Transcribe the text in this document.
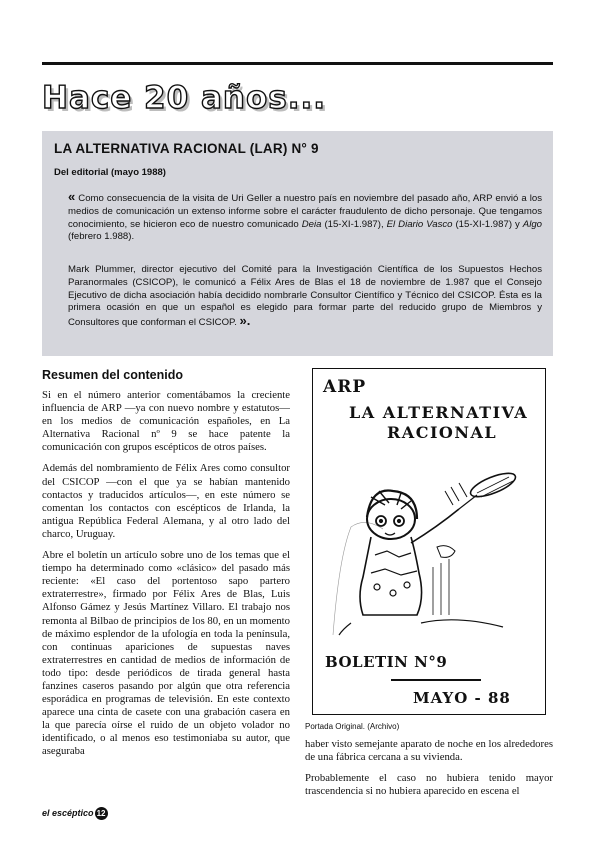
Hace 20 años...
LA ALTERNATIVA RACIONAL (LAR) N° 9
Del editorial (mayo 1988)
« Como consecuencia de la visita de Uri Geller a nuestro país en noviembre del pasado año, ARP envió a los medios de comunicación un extenso informe sobre el carácter fraudulento de dicho personaje. Que tengamos conocimiento, se hicieron eco de nuestro comunicado Deia (15-XI-1.987), El Diario Vasco (15-XI-1.987) y Algo (febrero 1.988).
Mark Plummer, director ejecutivo del Comité para la Investigación Científica de los Supuestos Hechos Paranormales (CSICOP), le comunicó a Félix Ares de Blas el 18 de noviembre de 1.987 que el Consejo Ejecutivo de dicha asociación había decidido nombrarle Consultor Científico y Técnico del CSICOP. Ésta es la primera ocasión en que un español es elegido para formar parte del reducido grupo de Miembros y Consultores que conforman el CSICOP. ».
Resumen del contenido

Si en el número anterior comentábamos la creciente influencia de ARP —ya con nuevo nombre y estatutos— en los medios de comunicación españoles, en La Alternativa Racional nº 9 se hace patente la comunicación con grupos escépticos de otros países.

Además del nombramiento de Félix Ares como consultor del CSICOP —con el que ya se habían mantenido contactos y traducidos artículos—, en este número se comentan los contactos con escépticos de Irlanda, la antigua República Federal Alemana, y al otro lado del charco, Uruguay.

Abre el boletín un artículo sobre uno de los temas que el tiempo ha determinado como «clásico» del pasado más reciente: «El caso del portentoso sapo partero extraterrestre», firmado por Félix Ares de Blas, Luis Alfonso Gámez y Jesús Martínez Villaro. El trabajo nos remonta al Bilbao de principios de los 80, en un momento de máximo esplendor de la ufología en toda la península, con continuas apariciones de supuestas naves extraterrestres en cantidad de medios de información de todo tipo: desde periódicos de tirada general hasta fanzines caseros pasando por algún que otra referencia esporádica en programas de televisión. En este contexto aparece una cinta de casete con una grabación casera en la que parecía oírse el ruido de un objeto volador no identificado, o al menos eso testimoniaba su autor, que aseguraba

ARP
LA ALTERNATIVA
RACIONAL
BOLETIN N°9
MAYO - 88
Portada Original. (Archivo)

haber visto semejante aparato de noche en los alrededores de una fábrica cercana a su vivienda.

Probablemente el caso no hubiera tenido mayor trascendencia si no hubiera aparecido en escena el

el escéptico 12
